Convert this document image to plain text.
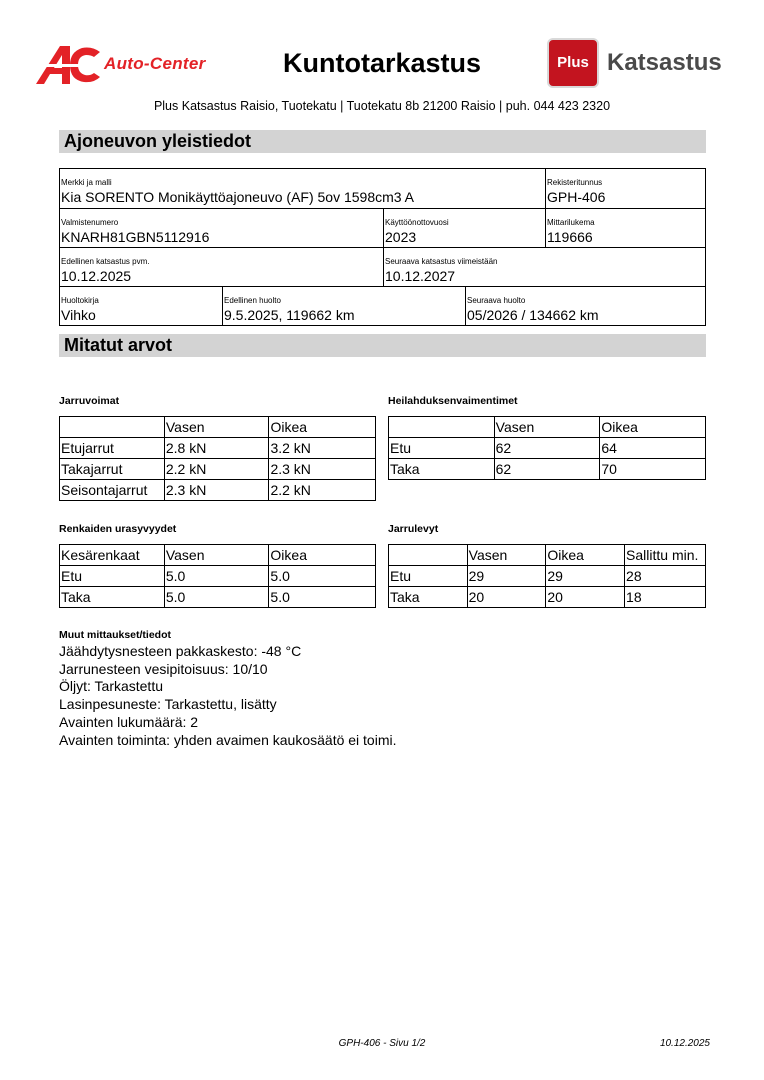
Auto-Center	Kuntotarkastus	Plus Katsastus
Plus Katsastus Raisio, Tuotekatu | Tuotekatu 8b 21200 Raisio | puh. 044 423 2320
Ajoneuvon yleistiedot
Merkki ja malli
Kia SORENTO Monikäyttöajoneuvo (AF) 5ov 1598cm3 A
Rekisteritunnus
GPH-406
Valmistenumero
KNARH81GBN5112916
Käyttöönottovuosi
2023
Mittarilukema
119666
Edellinen katsastus pvm.
10.12.2025
Seuraava katsastus viimeistään
10.12.2027
Huoltokirja
Vihko
Edellinen huolto
9.5.2025, 119662 km
Seuraava huolto
05/2026 / 134662 km
Mitatut arvot
Jarruvoimat
	Vasen	Oikea
Etujarrut	2.8 kN	3.2 kN
Takajarrut	2.2 kN	2.3 kN
Seisontajarrut	2.3 kN	2.2 kN
Heilahduksenvaimentimet
	Vasen	Oikea
Etu	62	64
Taka	62	70
Renkaiden urasyvyydet
Kesärenkaat	Vasen	Oikea
Etu	5.0	5.0
Taka	5.0	5.0
Jarrulevyt
	Vasen	Oikea	Sallittu min.
Etu	29	29	28
Taka	20	20	18
Muut mittaukset/tiedot
Jäähdytysnesteen pakkaskesto: -48 °C
Jarrunesteen vesipitoisuus: 10/10
Öljyt: Tarkastettu
Lasinpesuneste: Tarkastettu, lisätty
Avainten lukumäärä: 2
Avainten toiminta: yhden avaimen kaukosäätö ei toimi.
GPH-406 - Sivu 1/2	10.12.2025
